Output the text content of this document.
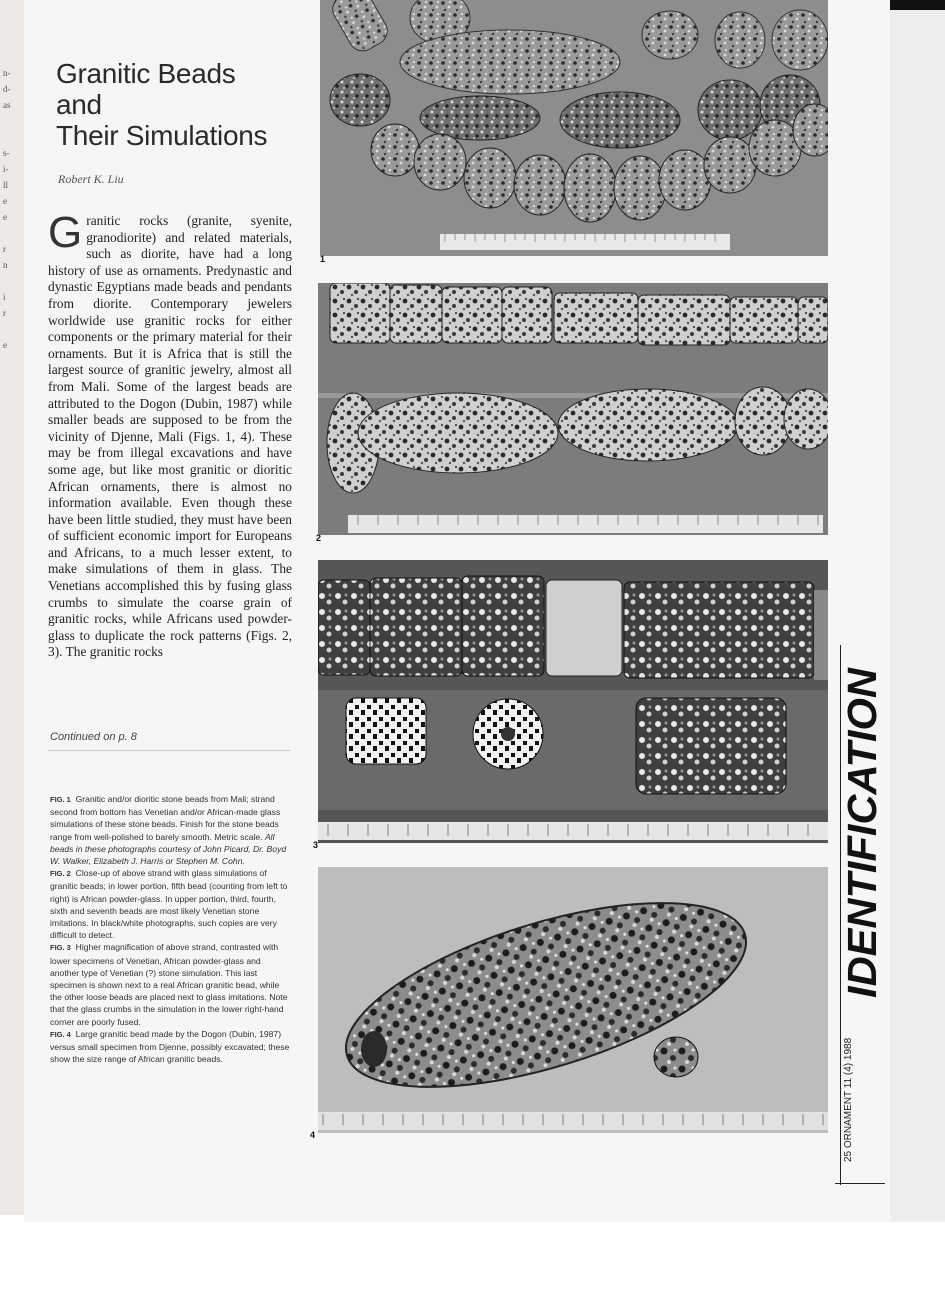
n-
d-
as
s-
i-
ll
e
e
r
n
i
r
e
Granitic Beads
and
Their Simulations
Robert K. Liu
Granitic rocks (granite, syenite, granodiorite) and related materials, such as diorite, have had a long history of use as ornaments. Predynastic and dynastic Egyptians made beads and pendants from diorite. Contemporary jewelers worldwide use granitic rocks for either components or the primary material for their ornaments. But it is Africa that is still the largest source of granitic jewelry, almost all from Mali. Some of the largest beads are attributed to the Dogon (Dubin, 1987) while smaller beads are supposed to be from the vicinity of Djenne, Mali (Figs. 1, 4). These may be from illegal excavations and have some age, but like most granitic or dioritic African ornaments, there is almost no information available. Even though these have been little studied, they must have been of sufficient economic import for Europeans and Africans, to a much lesser extent, to make simulations of them in glass. The Venetians accomplished this by fusing glass crumbs to simulate the coarse grain of granitic rocks, while Africans used powder-glass to duplicate the rock patterns (Figs. 2, 3). The granitic rocks
Continued on p. 8

FIG. 1 Granitic and/or dioritic stone beads from Mali; strand second from bottom has Venetian and/or African-made glass simulations of these stone beads. Finish for the stone beads range from well-polished to barely smooth. Metric scale. All beads in these photographs courtesy of John Picard, Dr. Boyd W. Walker, Elizabeth J. Harris or Stephen M. Cohn.

FIG. 2 Close-up of above strand with glass simulations of granitic beads; in lower portion, fifth bead (counting from left to right) is African powder-glass. In upper portion, third, fourth, sixth and seventh beads are most likely Venetian stone imitations. In black/white photographs, such copies are very difficult to detect.

FIG. 3 Higher magnification of above strand, contrasted with lower specimens of Venetian, African powder-glass and another type of Venetian (?) stone simulation. This last specimen is shown next to a real African granitic bead, while the other loose beads are placed next to glass imitations. Note that the glass crumbs in the simulation in the lower right-hand corner are poorly fused.

FIG. 4 Large granitic bead made by the Dogon (Dubin, 1987) versus small specimen from Djenne, possibly excavated; these show the size range of African granitic beads.

1
2
3
4
IDENTIFICATION
25 ORNAMENT 11 (4) 1988
